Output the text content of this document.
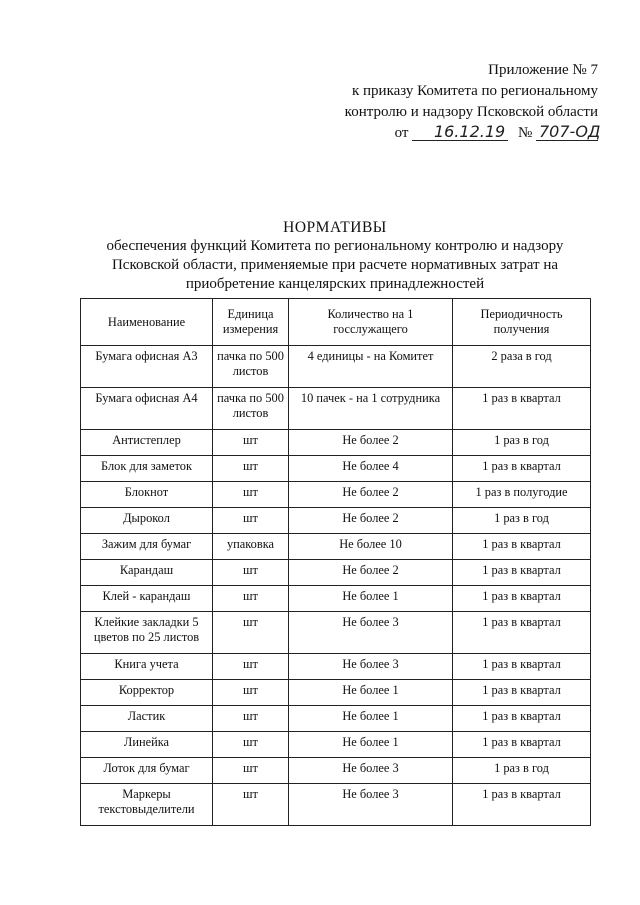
Приложение № 7
к приказу Комитета по региональному
контролю и надзору Псковской области
от 16.12.19 № 707-ОД
НОРМАТИВЫ
обеспечения функций Комитета по региональному контролю и надзору
Псковской области, применяемые при расчете нормативных затрат на
приобретение канцелярских принадлежностей
Наименование	Единица измерения	Количество на 1 госслужащего	Периодичность получения
Бумага офисная А3	пачка по 500 листов	4 единицы - на Комитет	2 раза в год
Бумага офисная А4	пачка по 500 листов	10 пачек - на 1 сотрудника	1 раз в квартал
Антистеплер	шт	Не более 2	1 раз в год
Блок для заметок	шт	Не более 4	1 раз в квартал
Блокнот	шт	Не более 2	1 раз в полугодие
Дырокол	шт	Не более 2	1 раз в год
Зажим для бумаг	упаковка	Не более 10	1 раз в квартал
Карандаш	шт	Не более 2	1 раз в квартал
Клей - карандаш	шт	Не более 1	1 раз в квартал
Клейкие закладки 5 цветов по 25 листов	шт	Не более 3	1 раз в квартал
Книга учета	шт	Не более 3	1 раз в квартал
Корректор	шт	Не более 1	1 раз в квартал
Ластик	шт	Не более 1	1 раз в квартал
Линейка	шт	Не более 1	1 раз в квартал
Лоток для бумаг	шт	Не более 3	1 раз в год
Маркеры текстовыделители	шт	Не более 3	1 раз в квартал
